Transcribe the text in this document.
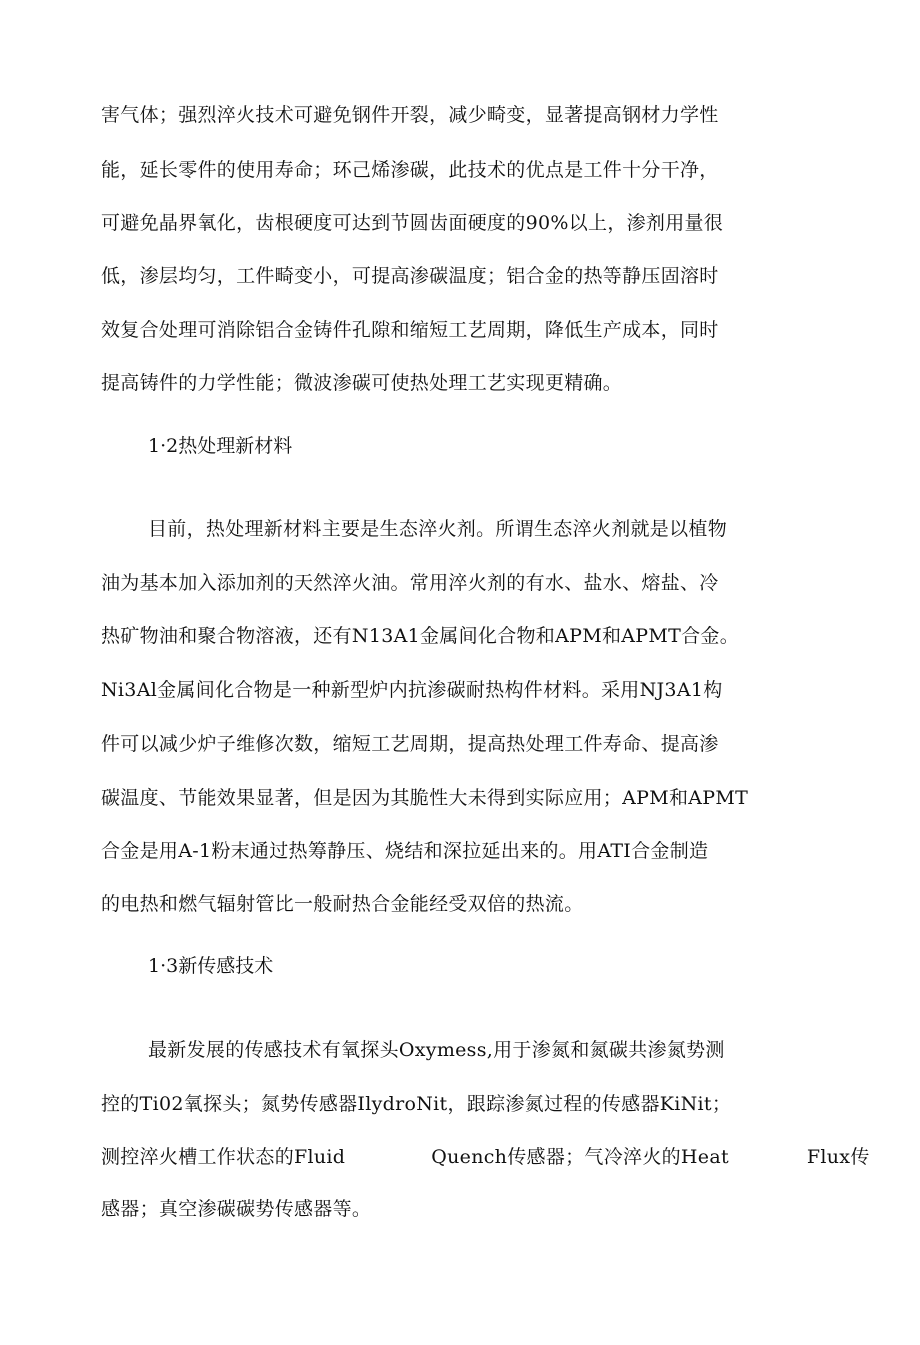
害气体；强烈淬火技术可避免钢件开裂，减少畸变，显著提高钢材力学性
能，延长零件的使用寿命；环己烯渗碳，此技术的优点是工件十分干净，
可避免晶界氧化，齿根硬度可达到节圆齿面硬度的90%以上，渗剂用量很
低，渗层均匀，工件畸变小，可提高渗碳温度；铝合金的热等静压固溶时
效复合处理可消除铝合金铸件孔隙和缩短工艺周期，降低生产成本，同时
提高铸件的力学性能；微波渗碳可使热处理工艺实现更精确。
1·2热处理新材料
目前，热处理新材料主要是生态淬火剂。所谓生态淬火剂就是以植物
油为基本加入添加剂的天然淬火油。常用淬火剂的有水、盐水、熔盐、冷
热矿物油和聚合物溶液，还有N13A1金属间化合物和APM和APMT合金。
Ni3Al金属间化合物是一种新型炉内抗渗碳耐热构件材料。采用NJ3A1构
件可以减少炉子维修次数，缩短工艺周期，提高热处理工件寿命、提高渗
碳温度、节能效果显著，但是因为其脆性大未得到实际应用；APM和APMT
合金是用A-1粉末通过热筹静压、烧结和深拉延出来的。用ATI合金制造
的电热和燃气辐射管比一般耐热合金能经受双倍的热流。
1·3新传感技术
最新发展的传感技术有氧探头Oxymess,用于渗氮和氮碳共渗氮势测
控的Ti02氧探头；氮势传感器IlydroNit，跟踪渗氮过程的传感器KiNit；
测控淬火槽工作状态的Fluid	Quench传感器；气冷淬火的Heat	Flux传
感器；真空渗碳碳势传感器等。
